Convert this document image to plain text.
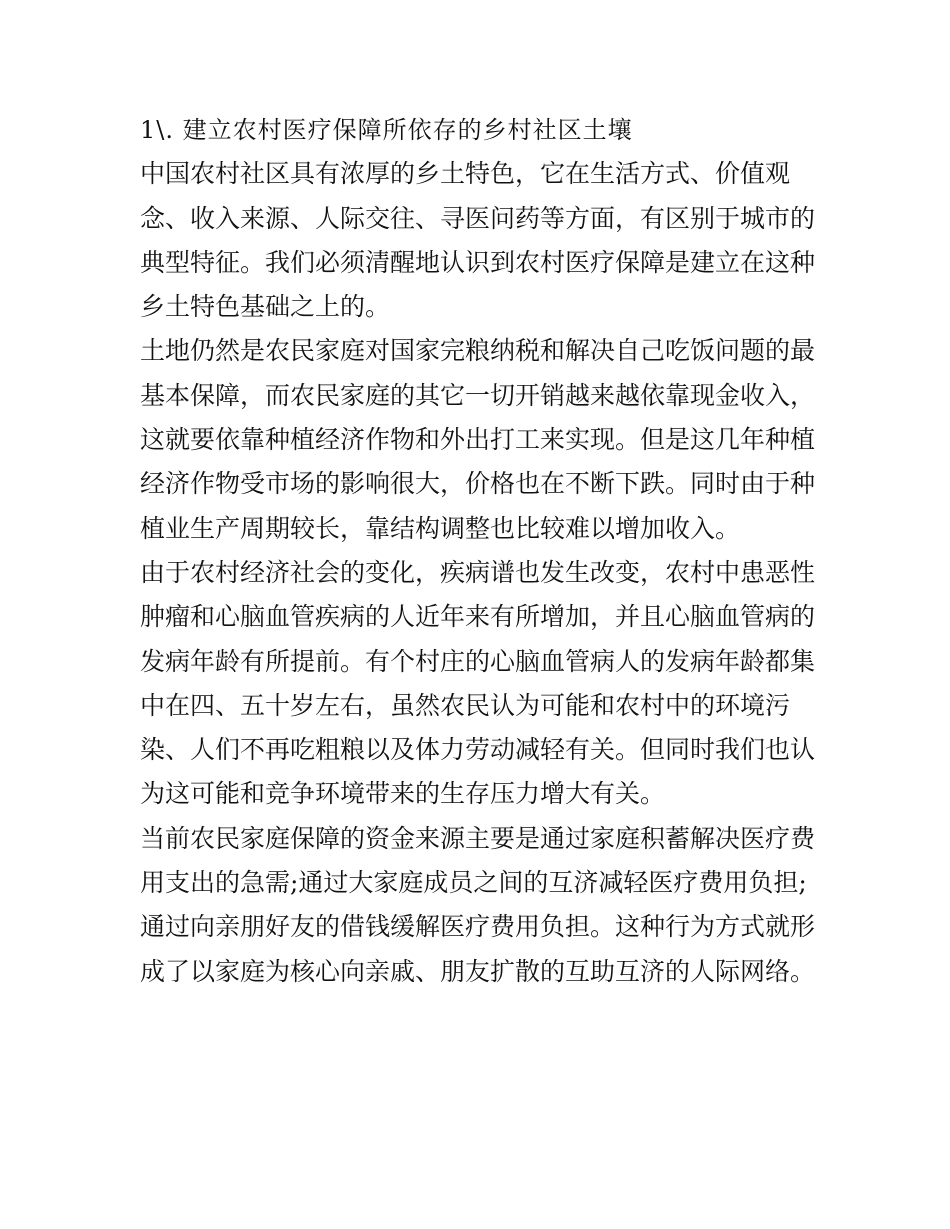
1\. 建立农村医疗保障所依存的乡村社区土壤
中国农村社区具有浓厚的乡土特色，它在生活方式、价值观
念、收入来源、人际交往、寻医问药等方面，有区别于城市的
典型特征。我们必须清醒地认识到农村医疗保障是建立在这种
乡土特色基础之上的。
土地仍然是农民家庭对国家完粮纳税和解决自己吃饭问题的最
基本保障，而农民家庭的其它一切开销越来越依靠现金收入，
这就要依靠种植经济作物和外出打工来实现。但是这几年种植
经济作物受市场的影响很大，价格也在不断下跌。同时由于种
植业生产周期较长，靠结构调整也比较难以增加收入。
由于农村经济社会的变化，疾病谱也发生改变，农村中患恶性
肿瘤和心脑血管疾病的人近年来有所增加，并且心脑血管病的
发病年龄有所提前。有个村庄的心脑血管病人的发病年龄都集
中在四、五十岁左右，虽然农民认为可能和农村中的环境污
染、人们不再吃粗粮以及体力劳动减轻有关。但同时我们也认
为这可能和竞争环境带来的生存压力增大有关。
当前农民家庭保障的资金来源主要是通过家庭积蓄解决医疗费
用支出的急需;通过大家庭成员之间的互济减轻医疗费用负担;
通过向亲朋好友的借钱缓解医疗费用负担。这种行为方式就形
成了以家庭为核心向亲戚、朋友扩散的互助互济的人际网络。
